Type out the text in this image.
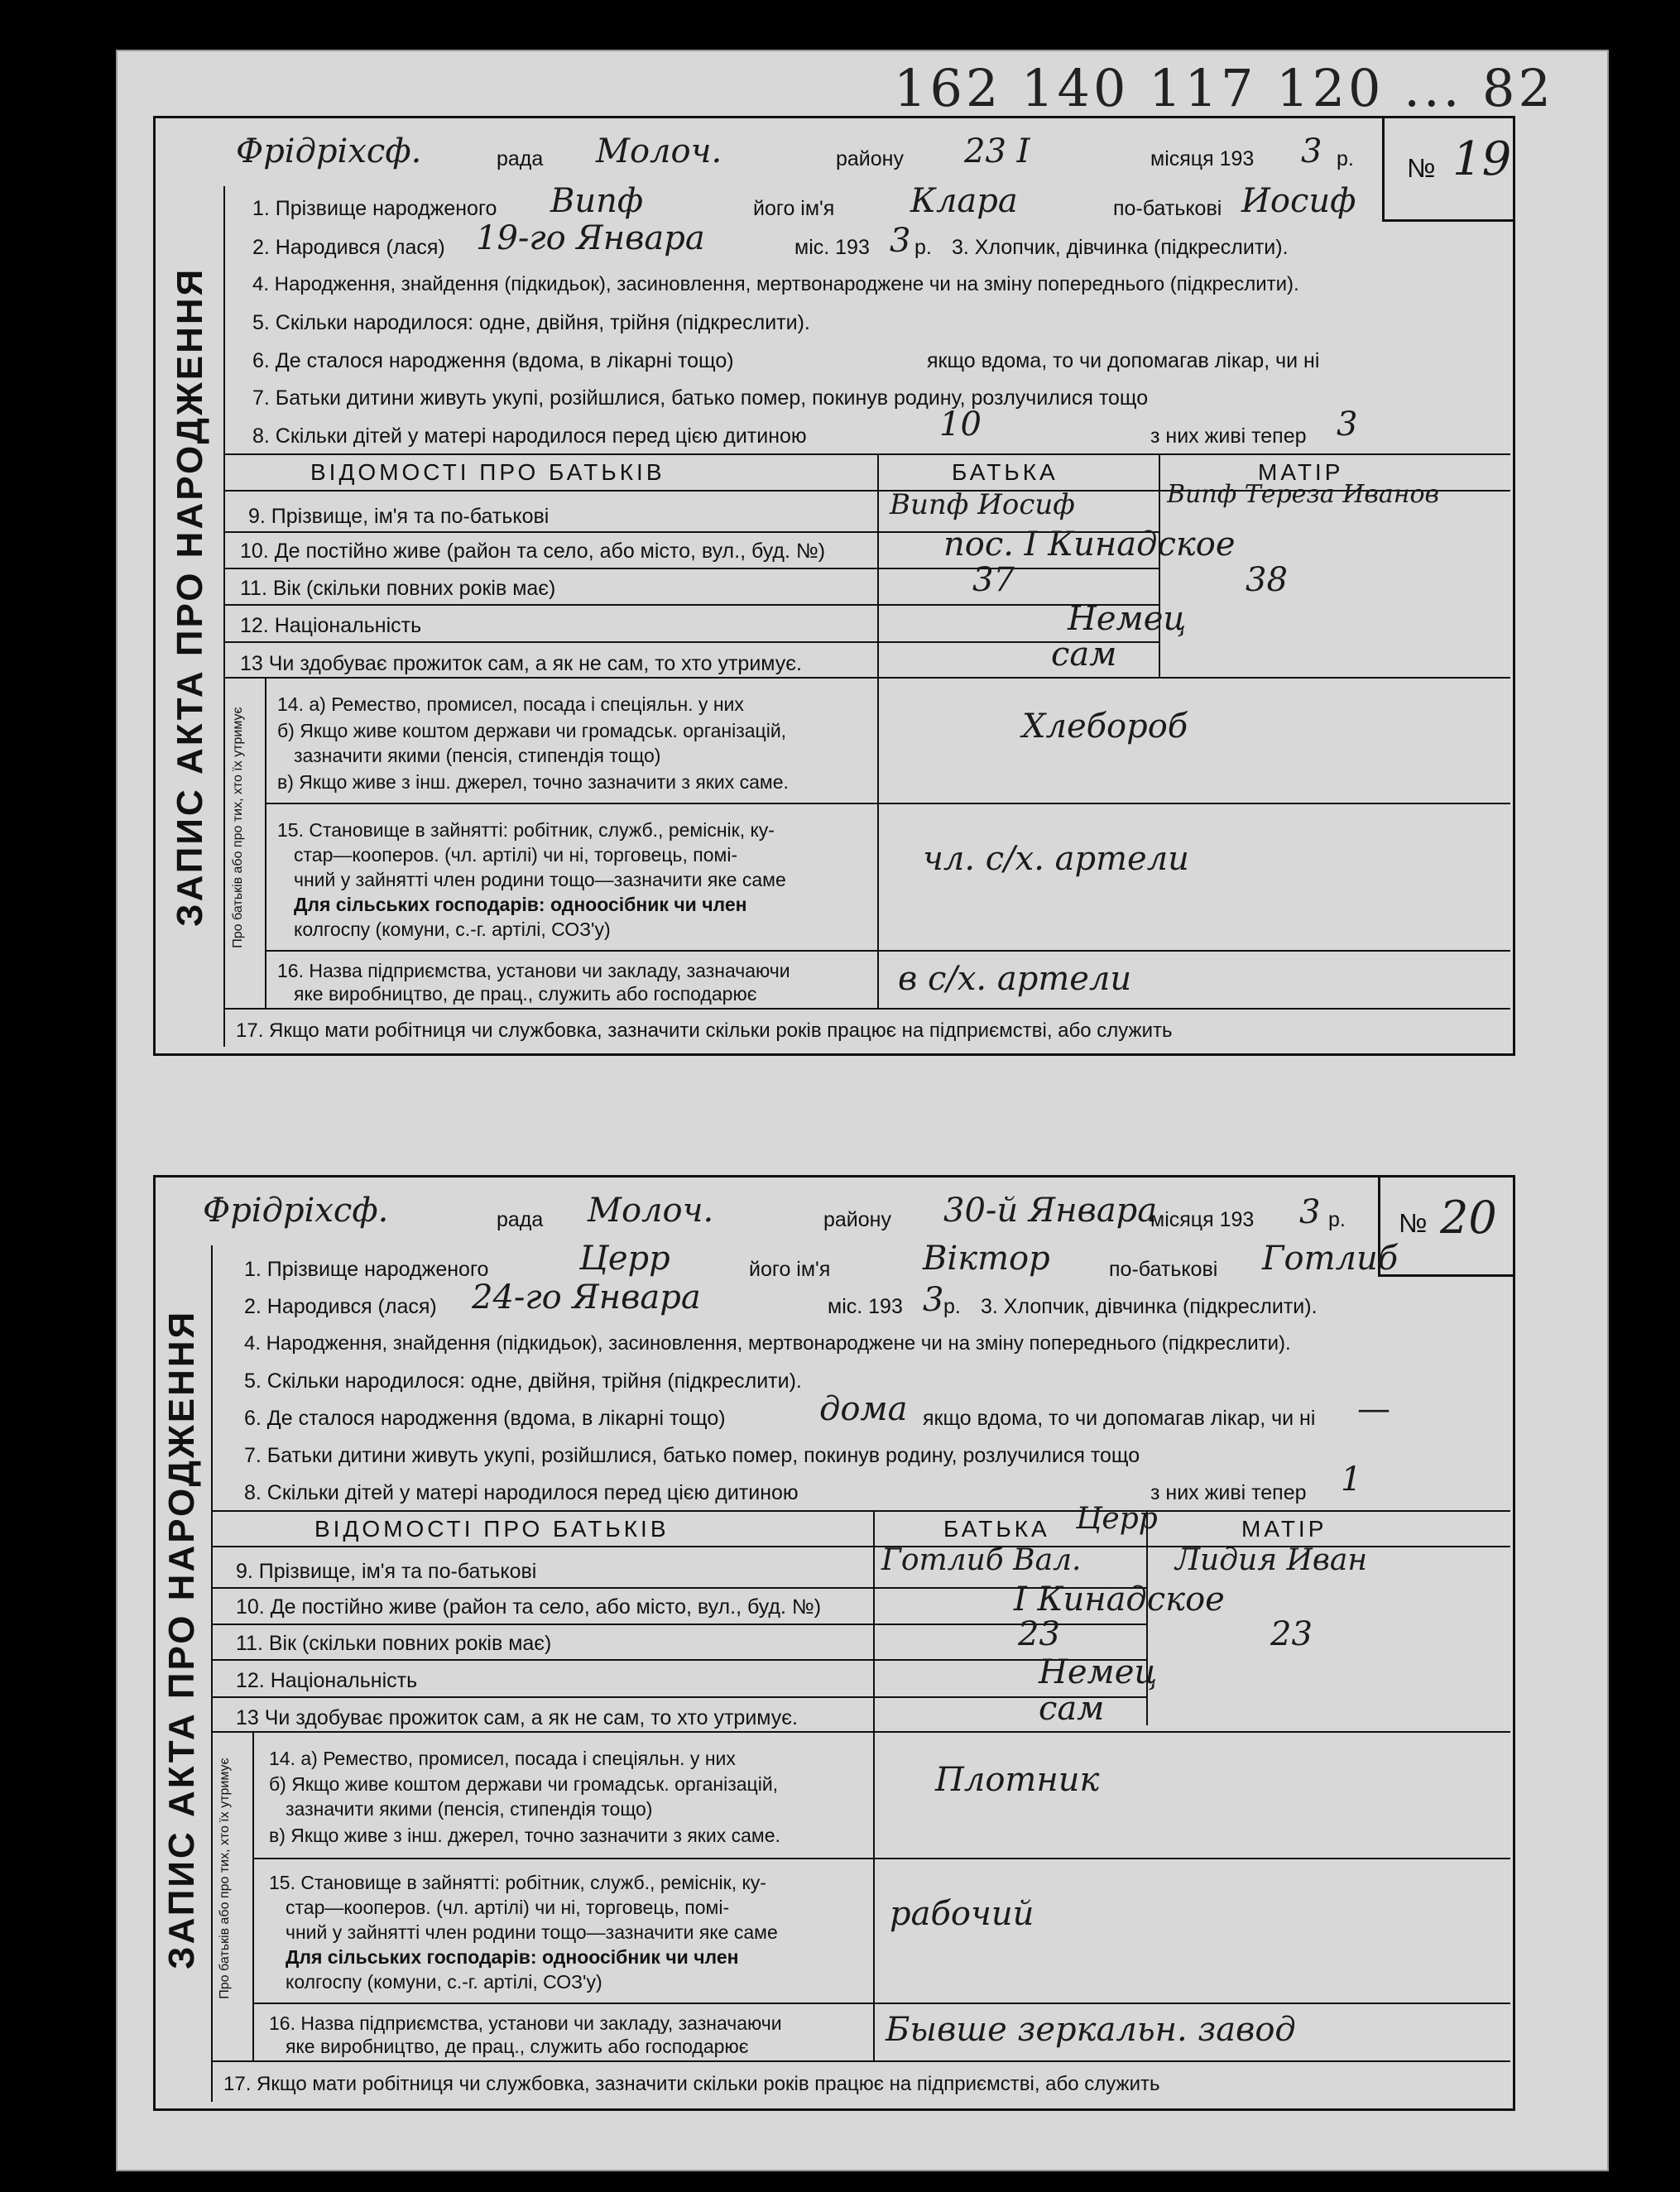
162 140 117 120 ... 82
ЗАПИС АКТА ПРО НАРОДЖЕННЯ Про батьків або про тих, хто їх утримує
Фрідріхсф.	рада Молоч.	району 23 I	місяця 193 3 р. № 19
1. Прізвище народженого Випф	його ім'я Клара	по-батькові Иосиф
2. Народився (лася) 19-го Январа	міс. 193 3 р. 3. Хлопчик, дівчинка (підкреслити).
4. Народження, знайдення (підкидьок), засиновлення, мертвонароджене чи на зміну попереднього (підкреслити).
5. Скільки народилося: одне, двійня, трійня (підкреслити).
6. Де сталося народження (вдома, в лікарні тощо)	якщо вдома, то чи допомагав лікар, чи ні
7. Батьки дитини живуть укупі, розійшлися, батько помер, покинув родину, розлучилися тощо
8. Скільки дітей у матері народилося перед цією дитиною	10	з них живі тепер 3
ВІДОМОСТІ ПРО БАТЬКІВ	БАТЬКА	МАТІР
9. Прізвище, ім'я та по-батькові	Випф Иосиф	Випф Тереза Иванов
10. Де постійно живе (район та село, або місто, вул., буд. №)	пос. I Кинадское
11. Вік (скільки повних років має)	37	38
12. Національність	Немец
13 Чи здобуває прожиток сам, а як не сам, то хто утримує.	сам
14. а) Ремество, промисел, посада і спеціяльн. у них
б) Якщо живе коштом держави чи громадськ. організацій,
зазначити якими (пенсія, стипендія тощо)
в) Якщо живе з інш. джерел, точно зазначити з яких саме.
Хлебороб
15. Становище в зайнятті: робітник, служб., реміснік, ку-
стар—кооперов. (чл. артілі) чи ні, торговець, помі-
чний у зайнятті член родини тощо—зазначити яке саме
Для сільських господарів: одноосібник чи член
колгоспу (комуни, с.-г. артілі, СОЗ'у)
чл. с/х. артели
16. Назва підприємства, установи чи закладу, зазначаючи
яке виробництво, де прац., служить або господарює	в с/х. артели
17. Якщо мати робітниця чи службовка, зазначити скільки років працює на підприємстві, або служить
ЗАПИС АКТА ПРО НАРОДЖЕННЯ Про батьків або про тих, хто їх утримує
Фрідріхсф.	рада Молоч.	району 30-й Январа
місяця 193 3 р. № 20
1. Прізвище народженого	Церр	його ім'я	Віктор	по-батькові Готлиб
2. Народився (лася) 24-го Январа	міс. 193 3 р. 3. Хлопчик, дівчинка (підкреслити).
4. Народження, знайдення (підкидьок), засиновлення, мертвонароджене чи на зміну попереднього (підкреслити).
5. Скільки народилося: одне, двійня, трійня (підкреслити).
6. Де сталося народження (вдома, в лікарні тощо)	дома якщо вдома, то чи допомагав лікар, чи ні —
7. Батьки дитини живуть укупі, розійшлися, батько помер, покинув родину, розлучилися тощо
8. Скільки дітей у матері народилося перед цією дитиною	з них живі тепер 1
ВІДОМОСТІ ПРО БАТЬКІВ	БАТЬКА Церр	МАТІР
9. Прізвище, ім'я та по-батькові	Готлиб Вал.	Лидия Иван
10. Де постійно живе (район та село, або місто, вул., буд. №)	I Кинадское
11. Вік (скільки повних років має)	23	23
12. Національність	Немец
13 Чи здобуває прожиток сам, а як не сам, то хто утримує.	сам
14. а) Ремество, промисел, посада і спеціяльн. у них
б) Якщо живе коштом держави чи громадськ. організацій,
зазначити якими (пенсія, стипендія тощо)
в) Якщо живе з інш. джерел, точно зазначити з яких саме.
Плотник
15. Становище в зайнятті: робітник, служб., реміснік, ку-
стар—кооперов. (чл. артілі) чи ні, торговець, помі-
чний у зайнятті член родини тощо—зазначити яке саме
Для сільських господарів: одноосібник чи член
колгоспу (комуни, с.-г. артілі, СОЗ'у)
рабочий
16. Назва підприємства, установи чи закладу, зазначаючи
яке виробництво, де прац., служить або господарює	Бывше зеркальн. завод
17. Якщо мати робітниця чи службовка, зазначити скільки років працює на підприємстві, або служить
